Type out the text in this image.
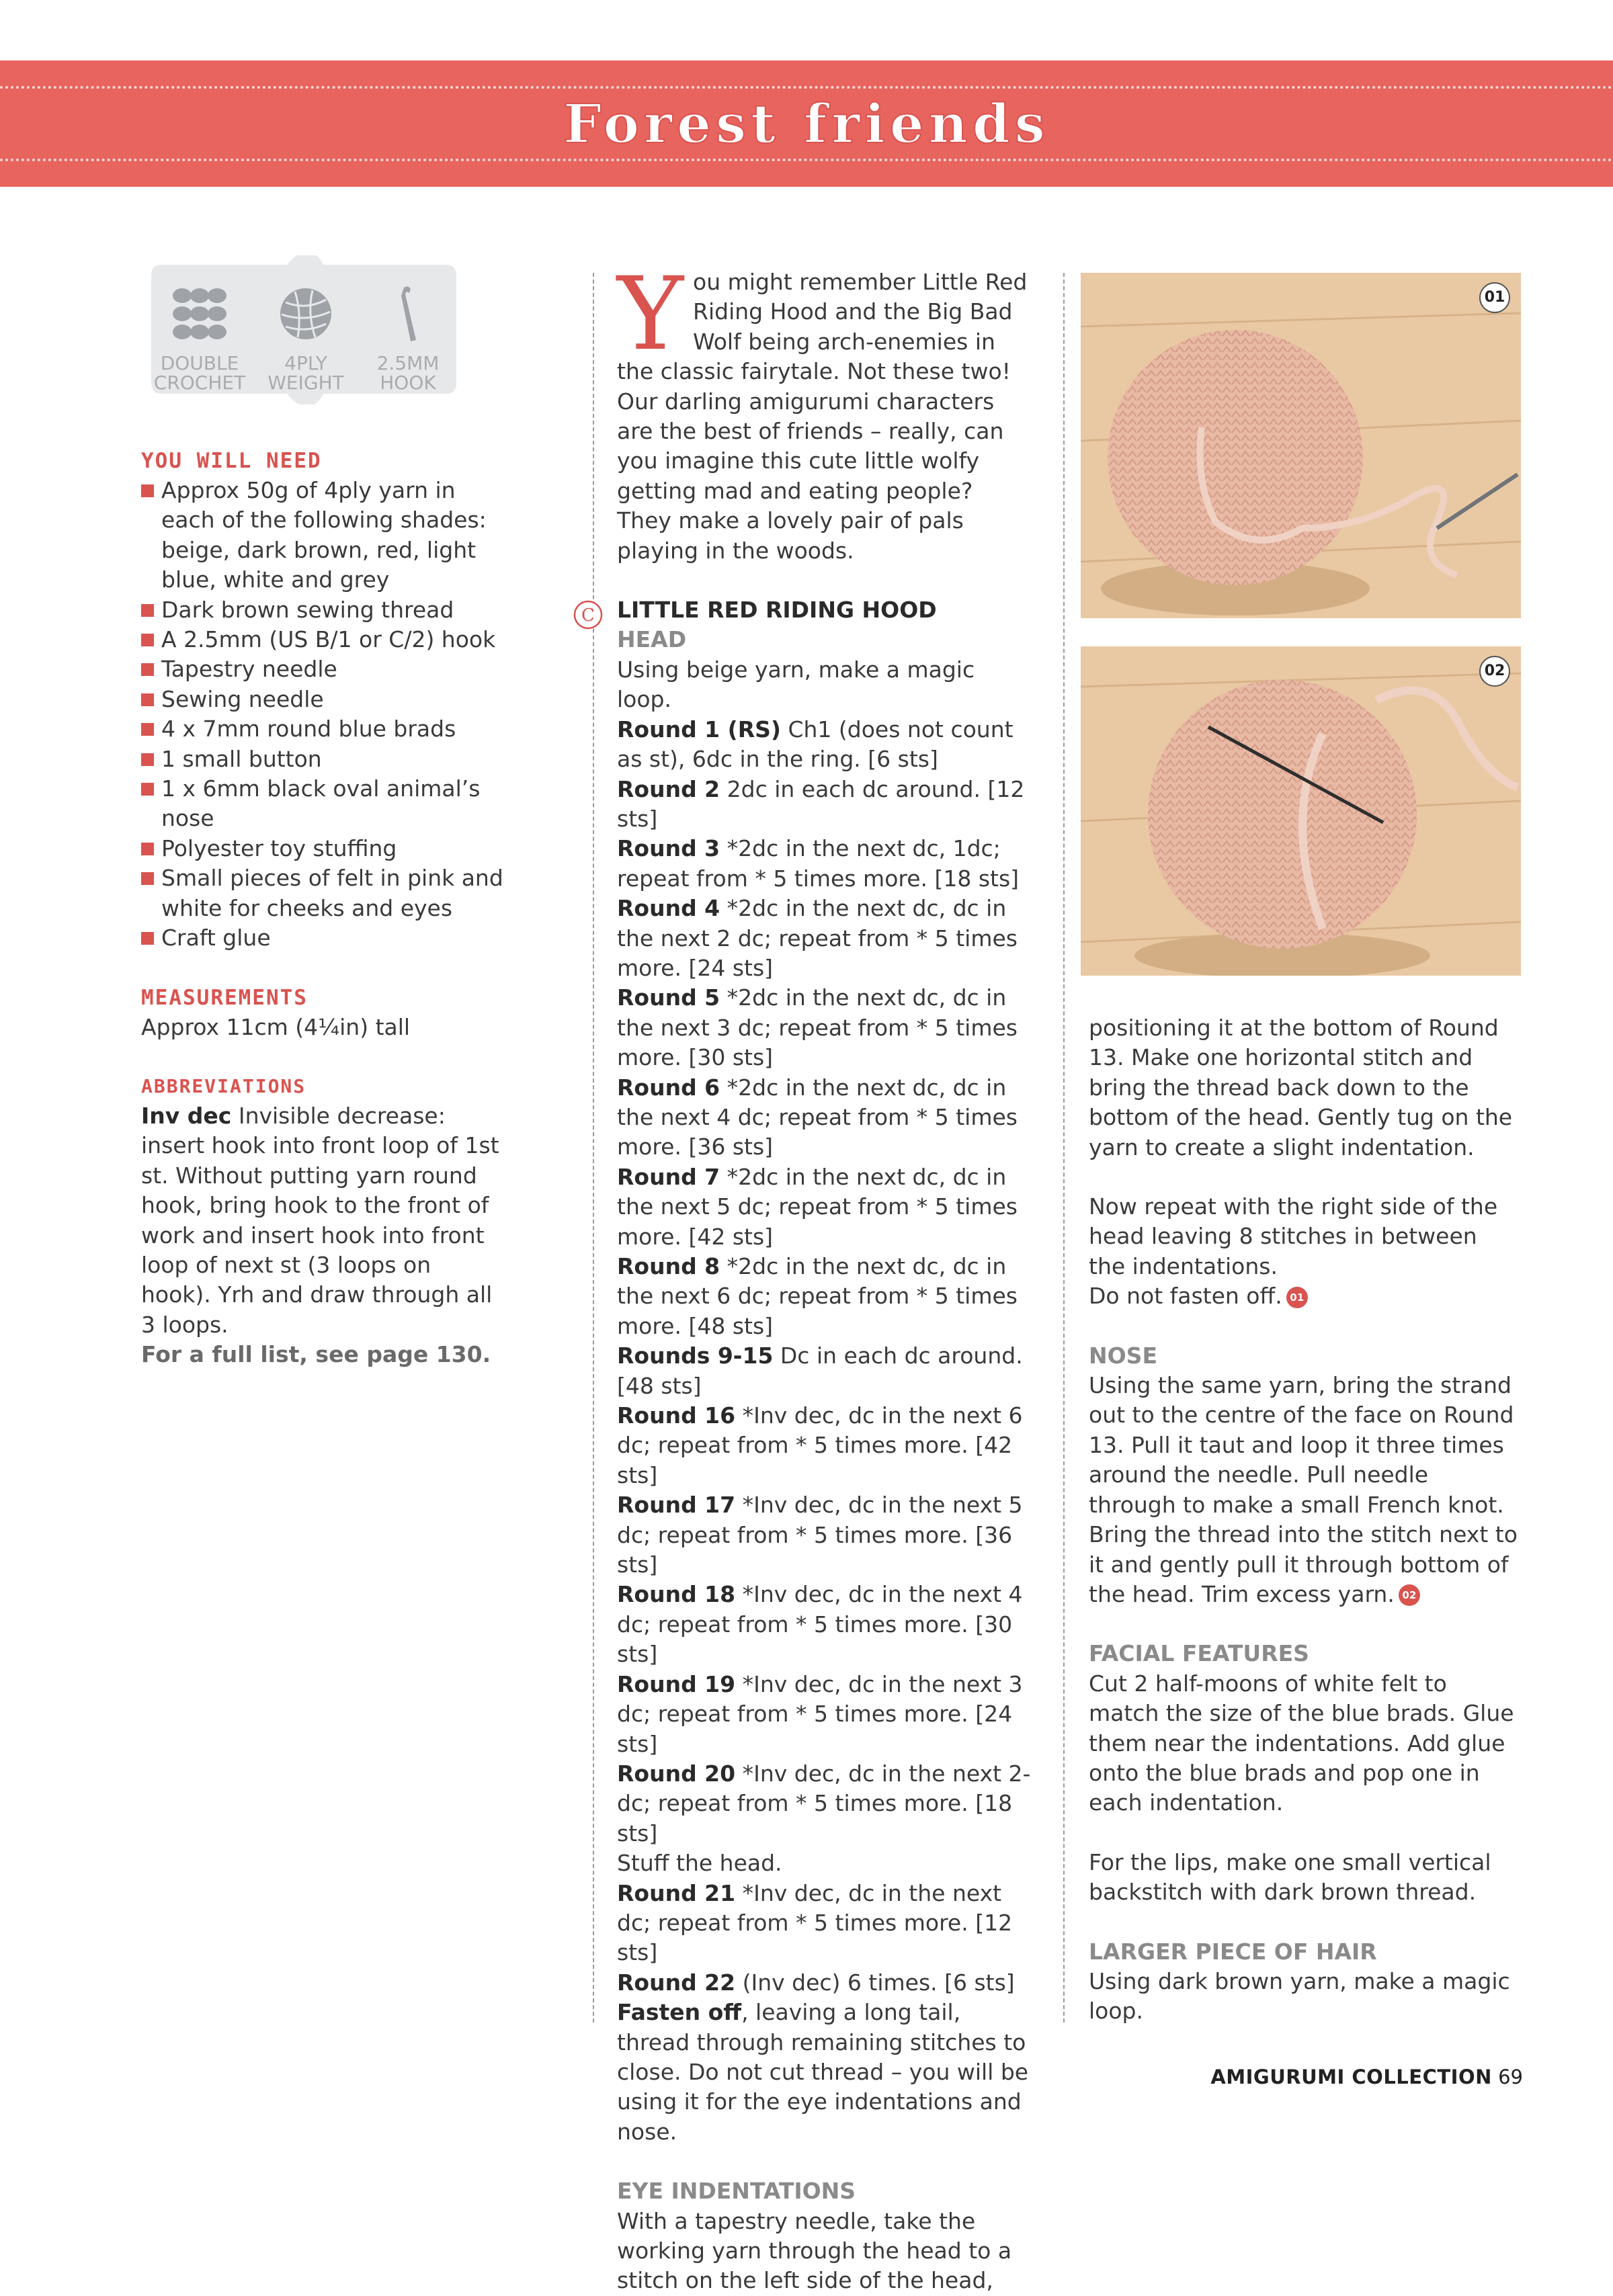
Forest friends
DOUBLE
CROCHET
4PLY
WEIGHT
2.5MM
HOOK

YOU WILL NEED

Approx 50g of 4ply yarn in each of the following shades: beige, dark brown, red, light blue, white and grey
Dark brown sewing thread
A 2.5mm (US B/1 or C/2) hook
Tapestry needle
Sewing needle
4 x 7mm round blue brads
1 small button
1 x 6mm black oval animal’s nose
Polyester toy stuffing
Small pieces of felt in pink and white for cheeks and eyes
Craft glue

MEASUREMENTS

Approx 11cm (4¼in) tall

ABBREVIATIONS

Inv dec Invisible decrease: insert hook into front loop of 1st st. Without putting yarn round hook, bring hook to the front of work and insert hook into front loop of next st (3 loops on hook). Yrh and draw through all 3 loops.

For a full list, see page 130.

You might remember Little Red Riding Hood and the Big Bad Wolf being arch-enemies in the classic fairytale. Not these two! Our darling amigurumi characters are the best of friends – really, can you imagine this cute little wolfy getting mad and eating people? They make a lovely pair of pals playing in the woods.

C LITTLE RED RIDING HOOD

HEAD

Using beige yarn, make a magic loop.

Round 1 (RS) Ch1 (does not count as st), 6dc in the ring. [6 sts]

Round 2 2dc in each dc around. [12 sts]

Round 3 *2dc in the next dc, 1dc; repeat from * 5 times more. [18 sts]

Round 4 *2dc in the next dc, dc in the next 2 dc; repeat from * 5 times more. [24 sts]

Round 5 *2dc in the next dc, dc in the next 3 dc; repeat from * 5 times more. [30 sts]

Round 6 *2dc in the next dc, dc in the next 4 dc; repeat from * 5 times more. [36 sts]

Round 7 *2dc in the next dc, dc in the next 5 dc; repeat from * 5 times more. [42 sts]

Round 8 *2dc in the next dc, dc in the next 6 dc; repeat from * 5 times more. [48 sts]

Rounds 9-15 Dc in each dc around. [48 sts]

Round 16 *Inv dec, dc in the next 6 dc; repeat from * 5 times more. [42 sts]

Round 17 *Inv dec, dc in the next 5 dc; repeat from * 5 times more. [36 sts]

Round 18 *Inv dec, dc in the next 4 dc; repeat from * 5 times more. [30 sts]

Round 19 *Inv dec, dc in the next 3 dc; repeat from * 5 times more. [24 sts]

Round 20 *Inv dec, dc in the next 2-dc; repeat from * 5 times more. [18 sts]

Stuff the head.

Round 21 *Inv dec, dc in the next dc; repeat from * 5 times more. [12 sts]

Round 22 (Inv dec) 6 times. [6 sts]

Fasten off, leaving a long tail, thread through remaining stitches to close. Do not cut thread – you will be using it for the eye indentations and nose.

EYE INDENTATIONS

With a tapestry needle, take the working yarn through the head to a stitch on the left side of the head,

01
02

positioning it at the bottom of Round 13. Make one horizontal stitch and bring the thread back down to the bottom of the head. Gently tug on the yarn to create a slight indentation.

Now repeat with the right side of the head leaving 8 stitches in between the indentations.

Do not fasten off. 01

NOSE

Using the same yarn, bring the strand out to the centre of the face on Round 13. Pull it taut and loop it three times around the needle. Pull needle through to make a small French knot. Bring the thread into the stitch next to it and gently pull it through bottom of the head. Trim excess yarn. 02

FACIAL FEATURES

Cut 2 half-moons of white felt to match the size of the blue brads. Glue them near the indentations. Add glue onto the blue brads and pop one in each indentation.

For the lips, make one small vertical backstitch with dark brown thread.

LARGER PIECE OF HAIR

Using dark brown yarn, make a magic loop.

AMIGURUMI COLLECTION 69
